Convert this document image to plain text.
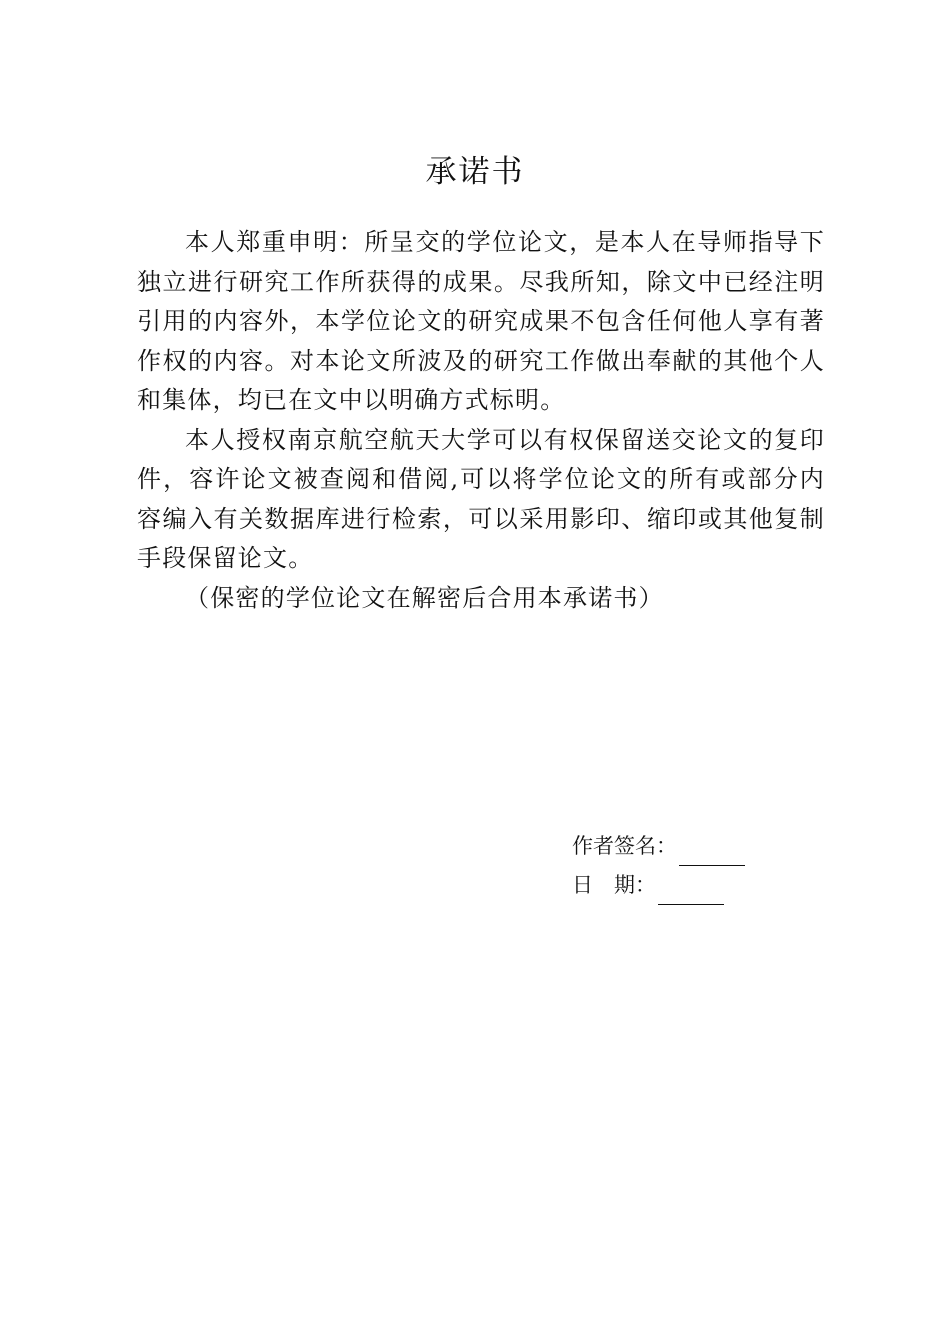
承诺书

本人郑重申明：所呈交的学位论文，是本人在导师指导下独立进行研究工作所获得的成果。尽我所知，除文中已经注明引用的内容外，本学位论文的研究成果不包含任何他人享有著作权的内容。对本论文所波及的研究工作做出奉献的其他个人和集体，均已在文中以明确方式标明。

本人授权南京航空航天大学可以有权保留送交论文的复印件，容许论文被查阅和借阅,可以将学位论文的所有或部分内容编入有关数据库进行检索，可以采用影印、缩印或其他复制手段保留论文。

（保密的学位论文在解密后合用本承诺书）

作者签名：
日　期：
